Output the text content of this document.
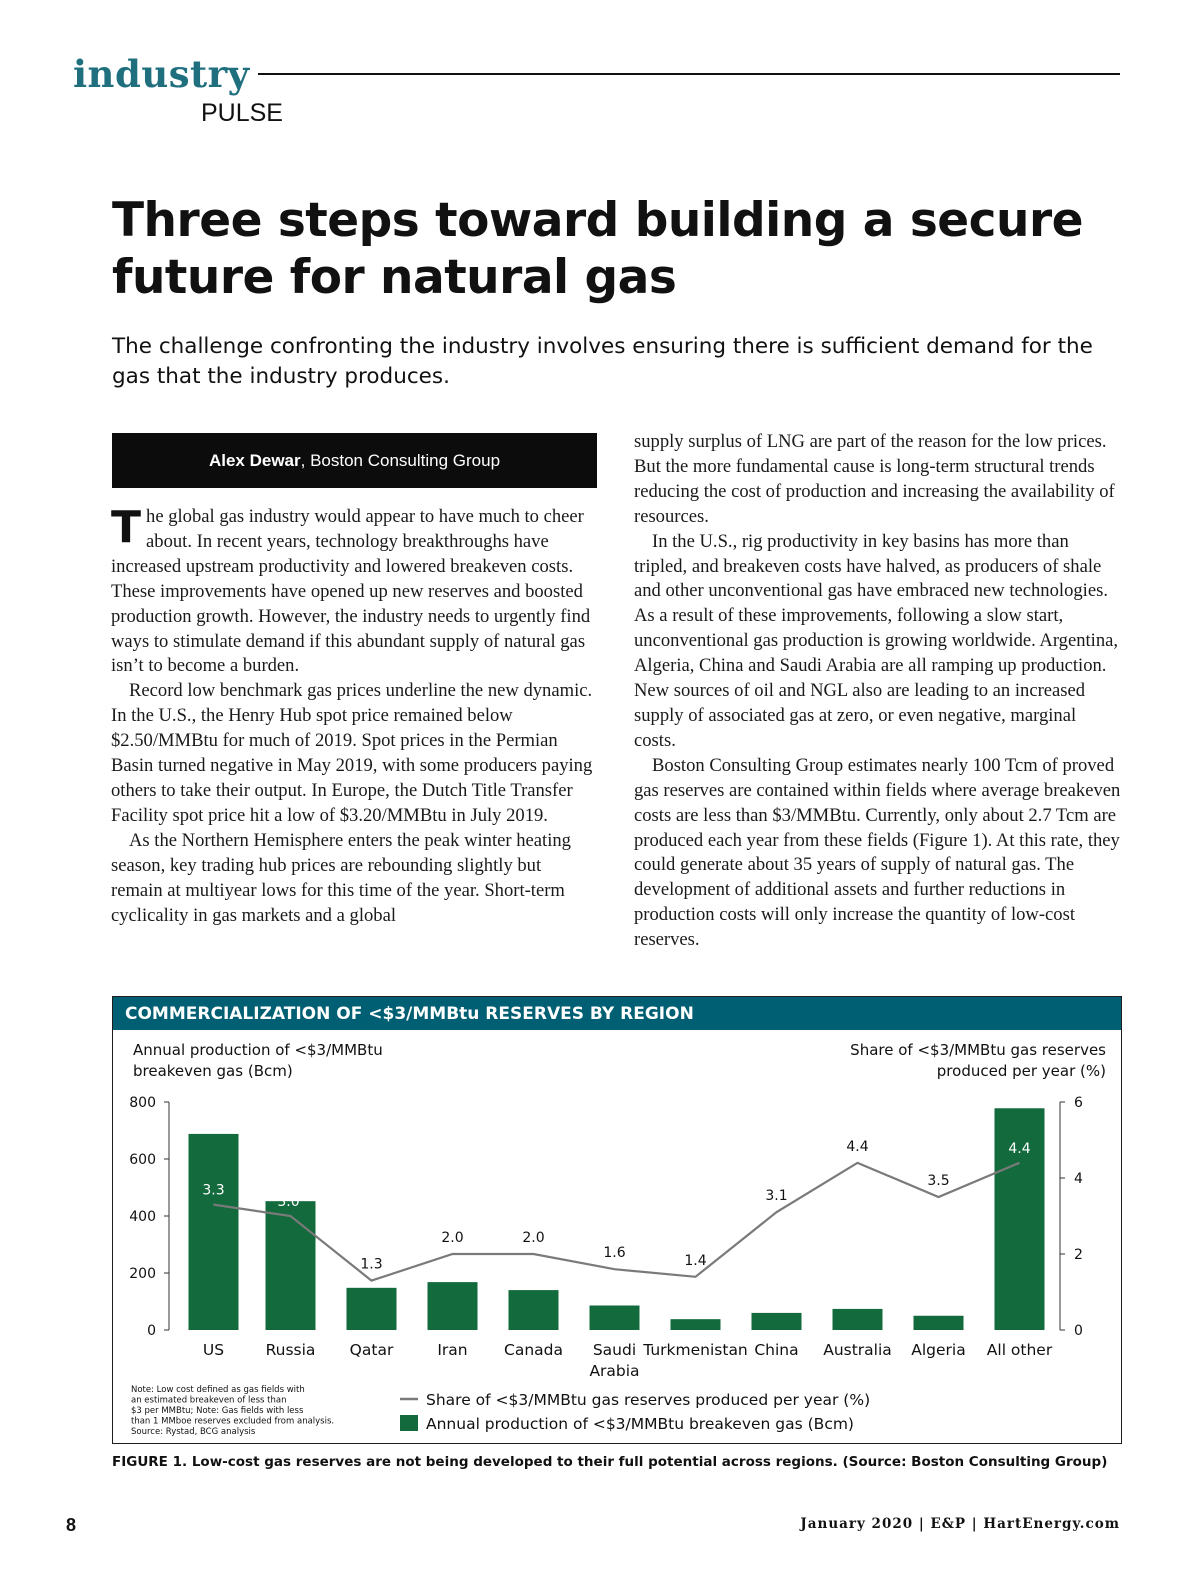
industry
PULSE
Three steps toward building a secure future for natural gas
The challenge confronting the industry involves ensuring there is sufficient demand for the gas that the industry produces.
Alex Dewar, Boston Consulting Group

The global gas industry would appear to have much to cheer about. In recent years, technology breakthroughs have increased upstream productivity and lowered breakeven costs. These improvements have opened up new reserves and boosted production growth. However, the industry needs to urgently find ways to stimulate demand if this abundant supply of natural gas isn’t to become a burden.

Record low benchmark gas prices underline the new dynamic. In the U.S., the Henry Hub spot price remained below $2.50/MMBtu for much of 2019. Spot prices in the Permian Basin turned negative in May 2019, with some producers paying others to take their output. In Europe, the Dutch Title Transfer Facility spot price hit a low of $3.20/MMBtu in July 2019.

As the Northern Hemisphere enters the peak winter heating season, key trading hub prices are rebounding slightly but remain at multiyear lows for this time of the year. Short-term cyclicality in gas markets and a global

supply surplus of LNG are part of the reason for the low prices. But the more fundamental cause is long-term structural trends reducing the cost of production and increasing the availability of resources.

In the U.S., rig productivity in key basins has more than tripled, and breakeven costs have halved, as producers of shale and other unconventional gas have embraced new technologies. As a result of these improvements, following a slow start, unconventional gas production is growing worldwide. Argentina, Algeria, China and Saudi Arabia are all ramping up production. New sources of oil and NGL also are leading to an increased supply of associated gas at zero, or even negative, marginal costs.

Boston Consulting Group estimates nearly 100 Tcm of proved gas reserves are contained within fields where average breakeven costs are less than $3/MMBtu. Currently, only about 2.7 Tcm are produced each year from these fields (Figure 1). At this rate, they could generate about 35 years of supply of natural gas. The development of additional assets and further reductions in production costs will only increase the quantity of low-cost reserves.

COMMERCIALIZATION OF <$3/MMBtu RESERVES BY REGION
Annual production of <$3/MMBtu
breakeven gas (Bcm)
Share of <$3/MMBtu gas reserves
produced per year (%)
0
200
400
600
800
0
2
4
6
US	Russia Qatar	Iran Canada Saudi
Arabia
Turkmenistan China Australia Algeria All other
3.3
3.0
1.3
2.0	2.0
1.6	1.4
3.1
4.4
3.5
4.4
Note: Low cost defined as gas fields with
an estimated breakeven of less than
$3 per MMBtu; Note: Gas fields with less
than 1 MMboe reserves excluded from analysis.
Source: Rystad, BCG analysis
Share of <$3/MMBtu gas reserves produced per year (%)
Annual production of <$3/MMBtu breakeven gas (Bcm)
FIGURE 1. Low-cost gas reserves are not being developed to their full potential across regions. (Source: Boston Consulting Group)
8	January 2020 | E&P | HartEnergy.com
